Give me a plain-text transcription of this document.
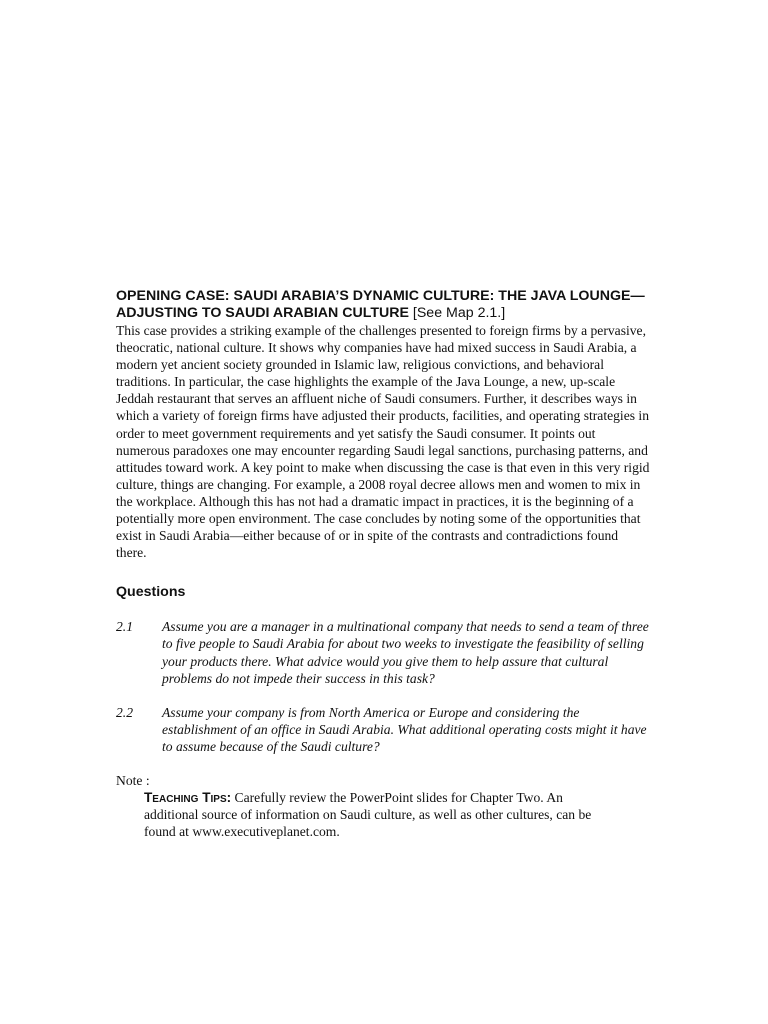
OPENING CASE: SAUDI ARABIA’S DYNAMIC CULTURE: THE JAVA LOUNGE—ADJUSTING TO SAUDI ARABIAN CULTURE [See Map 2.1.]

This case provides a striking example of the challenges presented to foreign firms by a pervasive, theocratic, national culture. It shows why companies have had mixed success in Saudi Arabia, a modern yet ancient society grounded in Islamic law, religious convictions, and behavioral traditions. In particular, the case highlights the example of the Java Lounge, a new, up-scale Jeddah restaurant that serves an affluent niche of Saudi consumers. Further, it describes ways in which a variety of foreign firms have adjusted their products, facilities, and operating strategies in order to meet government requirements and yet satisfy the Saudi consumer. It points out numerous paradoxes one may encounter regarding Saudi legal sanctions, purchasing patterns, and attitudes toward work. A key point to make when discussing the case is that even in this very rigid culture, things are changing. For example, a 2008 royal decree allows men and women to mix in the workplace. Although this has not had a dramatic impact in practices, it is the beginning of a potentially more open environment. The case concludes by noting some of the opportunities that exist in Saudi Arabia—either because of or in spite of the contrasts and contradictions found there.

Questions

2.1	Assume you are a manager in a multinational company that needs to send a team of three to five people to Saudi Arabia for about two weeks to investigate the feasibility of selling your products there. What advice would you give them to help assure that cultural problems do not impede their success in this task?
2.2	Assume your company is from North America or Europe and considering the establishment of an office in Saudi Arabia. What additional operating costs might it have to assume because of the Saudi culture?
Note :
Teaching Tips: Carefully review the PowerPoint slides for Chapter Two. An additional source of information on Saudi culture, as well as other cultures, can be found at www.executiveplanet.com.
